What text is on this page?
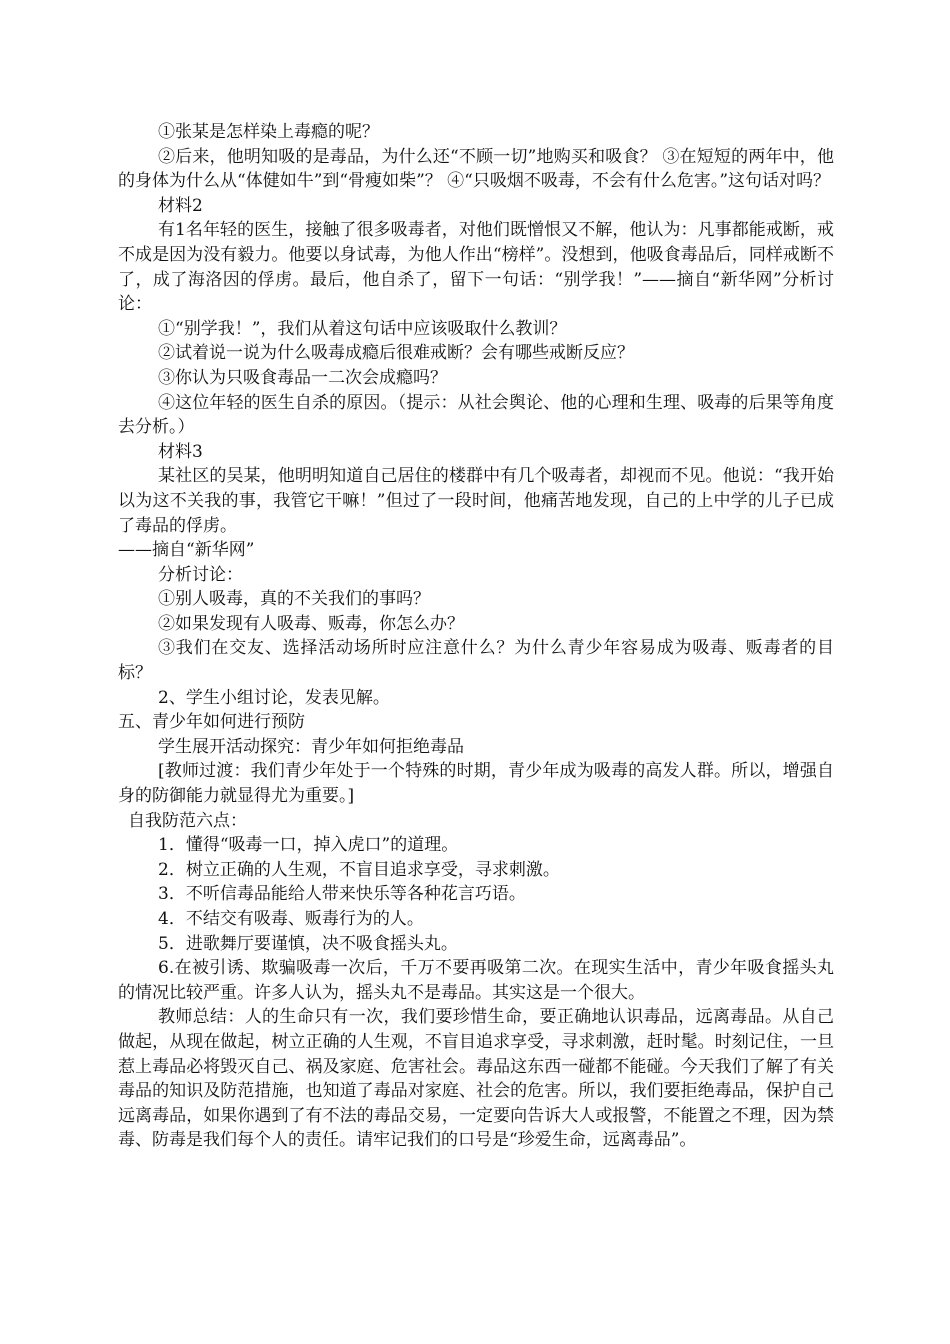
①张某是怎样染上毒瘾的呢？

②后来，他明知吸的是毒品，为什么还“不顾一切”地购买和吸食？ ③在短短的两年中，他的身体为什么从“体健如牛”到“骨瘦如柴”？ ④“只吸烟不吸毒，不会有什么危害。”这句话对吗？

材料2

有1名年轻的医生，接触了很多吸毒者，对他们既憎恨又不解，他认为：凡事都能戒断，戒不成是因为没有毅力。他要以身试毒，为他人作出“榜样”。没想到，他吸食毒品后，同样戒断不了，成了海洛因的俘虏。最后，他自杀了，留下一句话：“别学我！”——摘自“新华网”分析讨论：

①“别学我！”，我们从着这句话中应该吸取什么教训？

②试着说一说为什么吸毒成瘾后很难戒断？会有哪些戒断反应？

③你认为只吸食毒品一二次会成瘾吗？

④这位年轻的医生自杀的原因。（提示：从社会舆论、他的心理和生理、吸毒的后果等角度去分析。）

材料3

某社区的吴某，他明明知道自己居住的楼群中有几个吸毒者，却视而不见。他说：“我开始以为这不关我的事，我管它干嘛！”但过了一段时间，他痛苦地发现，自己的上中学的儿子已成了毒品的俘虏。

——摘自“新华网”

分析讨论：

①别人吸毒，真的不关我们的事吗？

②如果发现有人吸毒、贩毒，你怎么办？

③我们在交友、选择活动场所时应注意什么？为什么青少年容易成为吸毒、贩毒者的目标？

2、学生小组讨论，发表见解。

五、青少年如何进行预防

学生展开活动探究：青少年如何拒绝毒品

[教师过渡：我们青少年处于一个特殊的时期，青少年成为吸毒的高发人群。所以，增强自身的防御能力就显得尤为重要。]

自我防范六点：

1．懂得“吸毒一口，掉入虎口”的道理。

2．树立正确的人生观，不盲目追求享受，寻求刺激。

3．不听信毒品能给人带来快乐等各种花言巧语。

4．不结交有吸毒、贩毒行为的人。

5．进歌舞厅要谨慎，决不吸食摇头丸。

6.在被引诱、欺骗吸毒一次后，千万不要再吸第二次。在现实生活中，青少年吸食摇头丸的情况比较严重。许多人认为，摇头丸不是毒品。其实这是一个很大。

教师总结：人的生命只有一次，我们要珍惜生命，要正确地认识毒品，远离毒品。从自己做起，从现在做起，树立正确的人生观，不盲目追求享受，寻求刺激，赶时髦。时刻记住，一旦惹上毒品必将毁灭自己、祸及家庭、危害社会。毒品这东西一碰都不能碰。今天我们了解了有关毒品的知识及防范措施，也知道了毒品对家庭、社会的危害。所以，我们要拒绝毒品，保护自己远离毒品，如果你遇到了有不法的毒品交易，一定要向告诉大人或报警，不能置之不理，因为禁毒、防毒是我们每个人的责任。请牢记我们的口号是“珍爱生命，远离毒品”。
